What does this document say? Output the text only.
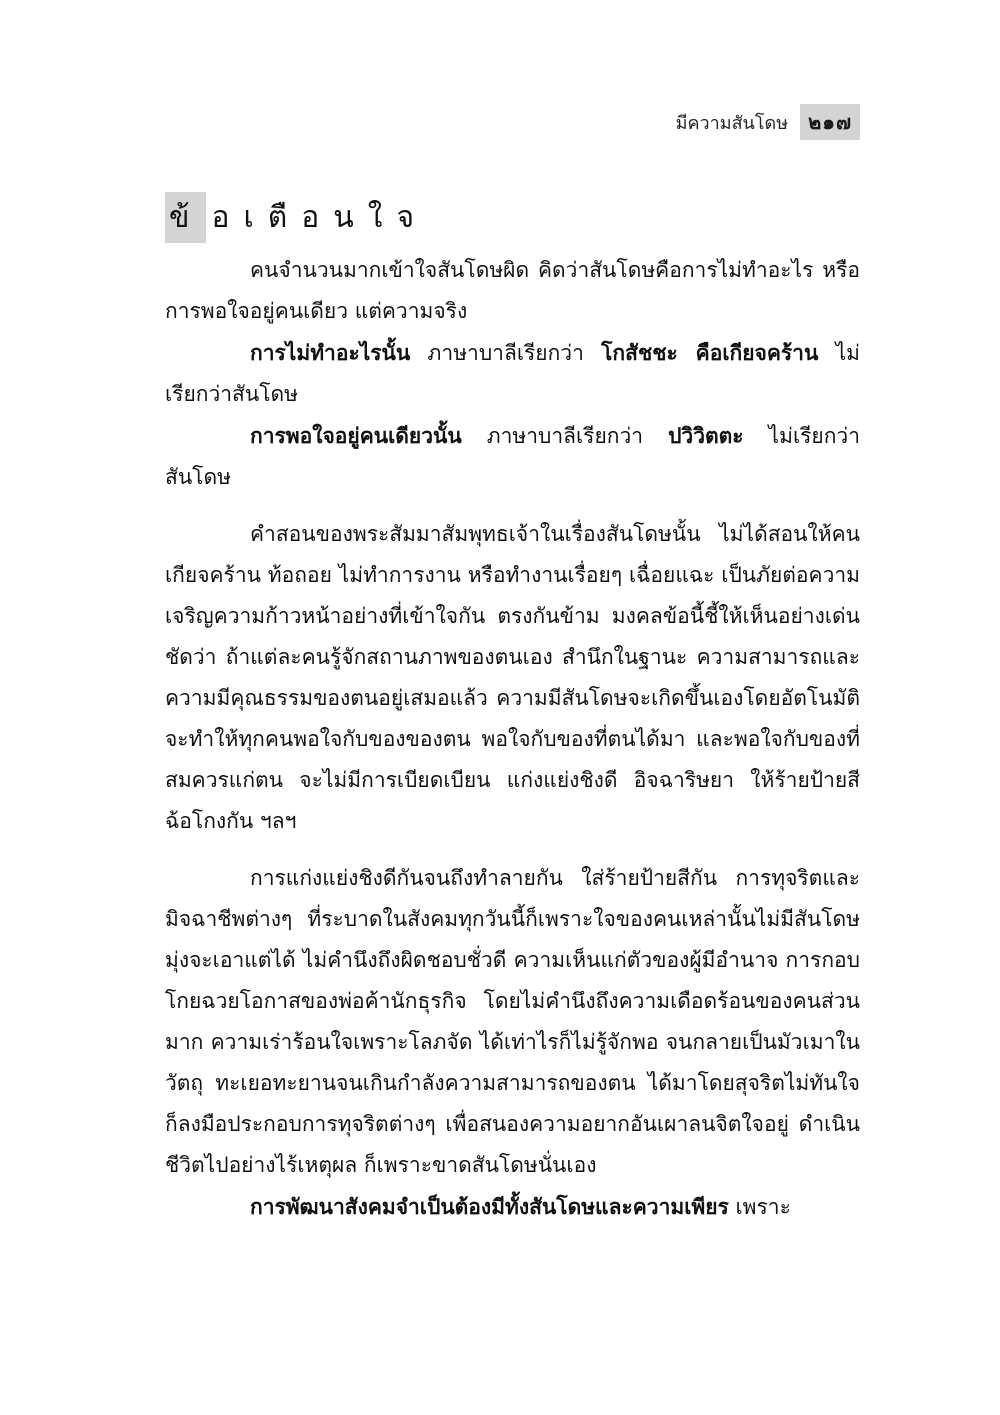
มีความสันโดษ	๒๑๗
ข้ อเตือนใจ

คนจำนวนมากเข้าใจสันโดษผิด คิดว่าสันโดษคือการไม่ทำอะไร หรือการพอใจอยู่คนเดียว แต่ความจริง

การไม่ทำอะไรนั้น ภาษาบาลีเรียกว่า โกสัชชะ คือเกียจคร้าน ไม่เรียกว่าสันโดษ

การพอใจอยู่คนเดียวนั้น ภาษาบาลีเรียกว่า ปวิวิตตะ ไม่เรียกว่าสันโดษ

คำสอนของพระสัมมาสัมพุทธเจ้าในเรื่องสันโดษนั้น ไม่ได้สอนให้คนเกียจคร้าน ท้อถอย ไม่ทำการงาน หรือทำงานเรื่อยๆ เฉื่อยแฉะ เป็นภัยต่อความเจริญความก้าวหน้าอย่างที่เข้าใจกัน ตรงกันข้าม มงคลข้อนี้ชี้ให้เห็นอย่างเด่นชัดว่า ถ้าแต่ละคนรู้จักสถานภาพของตนเอง สำนึกในฐานะ ความสามารถและความมีคุณธรรมของตนอยู่เสมอแล้ว ความมีสันโดษจะเกิดขึ้นเองโดยอัตโนมัติ จะทำให้ทุกคนพอใจกับของของตน พอใจกับของที่ตนได้มา และพอใจกับของที่สมควรแก่ตน จะไม่มีการเบียดเบียน แก่งแย่งชิงดี อิจฉาริษยา ให้ร้ายป้ายสี ฉ้อโกงกัน ฯลฯ

การแก่งแย่งชิงดีกันจนถึงทำลายกัน ใส่ร้ายป้ายสีกัน การทุจริตและมิจฉาชีพต่างๆ ที่ระบาดในสังคมทุกวันนี้ก็เพราะใจของคนเหล่านั้นไม่มีสันโดษ มุ่งจะเอาแต่ได้ ไม่คำนึงถึงผิดชอบชั่วดี ความเห็นแก่ตัวของผู้มีอำนาจ การกอบโกยฉวยโอกาสของพ่อค้านักธุรกิจ โดยไม่คำนึงถึงความเดือดร้อนของคนส่วนมาก ความเร่าร้อนใจเพราะโลภจัด ได้เท่าไรก็ไม่รู้จักพอ จนกลายเป็นมัวเมาในวัตถุ ทะเยอทะยานจนเกินกำลังความสามารถของตน ได้มาโดยสุจริตไม่ทันใจ ก็ลงมือประกอบการทุจริตต่างๆ เพื่อสนองความอยากอันเผาลนจิตใจอยู่ ดำเนินชีวิตไปอย่างไร้เหตุผล ก็เพราะขาดสันโดษนั่นเอง

การพัฒนาสังคมจำเป็นต้องมีทั้งสันโดษและความเพียร เพราะ
